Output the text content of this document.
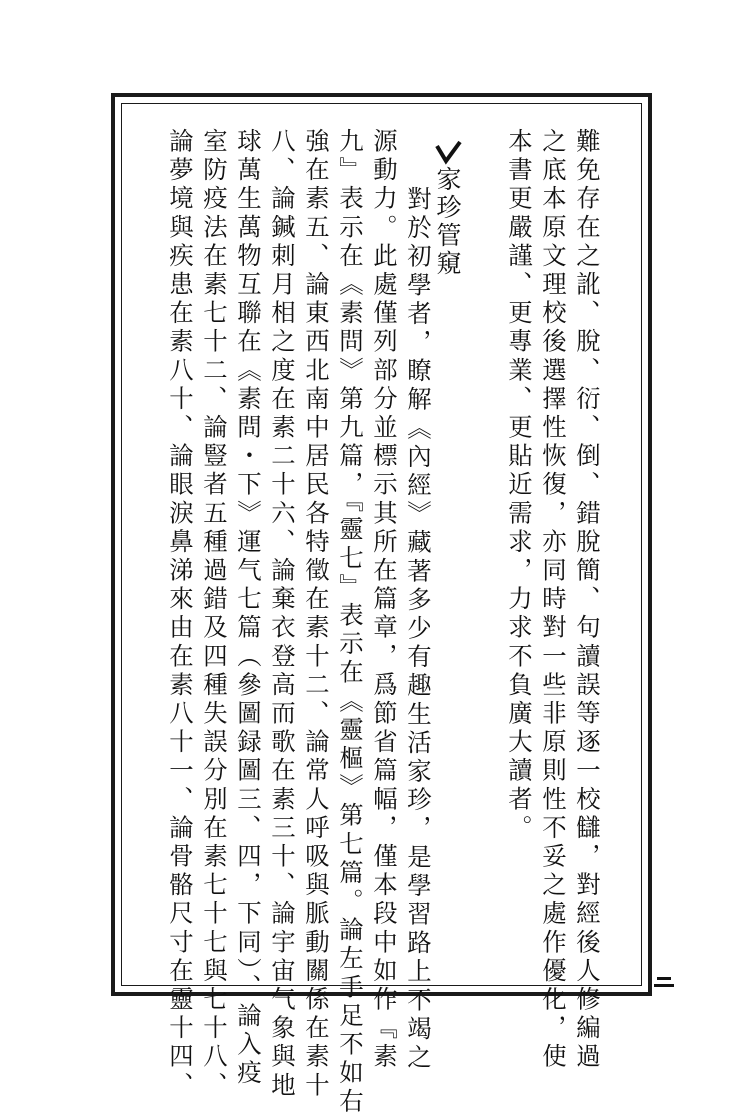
難免存在之訛、脫、衍、倒、錯脫簡、句讀誤等逐一校讎，對經後人修編過
之底本原文理校後選擇性恢復，亦同時對一些非原則性不妥之處作優化，使
本書更嚴謹、更專業、更貼近需求，力求不負廣大讀者。
家珍管窺
對於初學者，瞭解《內經》藏著多少有趣生活家珍，是學習路上不竭之
源動力。此處僅列部分並標示其所在篇章，爲節省篇幅，僅本段中如作『素
九』表示在《素問》第九篇，『靈七』表示在《靈樞》第七篇。論左手足不如右
強在素五、論東西北南中居民各特徵在素十二、論常人呼吸與脈動關係在素十
八、論鍼刺月相之度在素二十六、論棄衣登高而歌在素三十、論宇宙气象與地
球萬生萬物互聯在《素問・下》運气七篇（參圖録圖三、四，下同）、論入疫
室防疫法在素七十二、論豎者五種過錯及四種失誤分別在素七十七與七十八、
論夢境與疾患在素八十、論眼淚鼻涕來由在素八十一、論骨骼尺寸在靈十四、
